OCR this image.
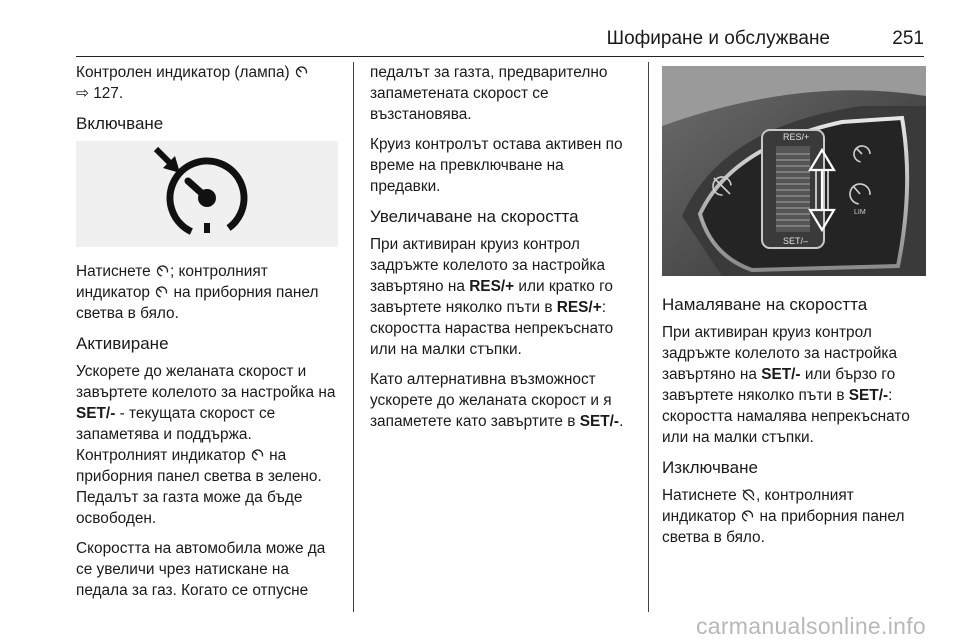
Шофиране и обслужване	251

Контролен индикатор (лампа)
⇨ 127.

Включване

Натиснете ; контролният индикатор на приборния панел светва в бяло.

Активиране

Ускорете до желаната скорост и завъртете колелото за настройка на SET/- - текущата скорост се запаметява и поддържа. Контролният индикатор на приборния панел светва в зелено. Педалът за газта може да бъде освободен.

Скоростта на автомобила може да се увеличи чрез натискане на педала за газ. Когато се отпусне

педалът за газта, предварително запаметената скорост се възстановява.

Круиз контролът остава активен по време на превключване на предавки.

Увеличаване на скоростта

При активиран круиз контрол задръжте колелото за настройка завъртяно на RES/+ или кратко го завъртете няколко пъти в RES/+: скоростта нараства непрекъснато или на малки стъпки.

Като алтернативна възможност ускорете до желаната скорост и я запаметете като завъртите в SET/-.

RES/+
SET/–
LIM
Намаляване на скоростта

При активиран круиз контрол задръжте колелото за настройка завъртяно на SET/- или бързо го завъртете няколко пъти в SET/-: скоростта намалява непрекъснато или на малки стъпки.

Изключване

Натиснете , контролният индикатор на приборния панел светва в бяло.

carmanualsonline.info
